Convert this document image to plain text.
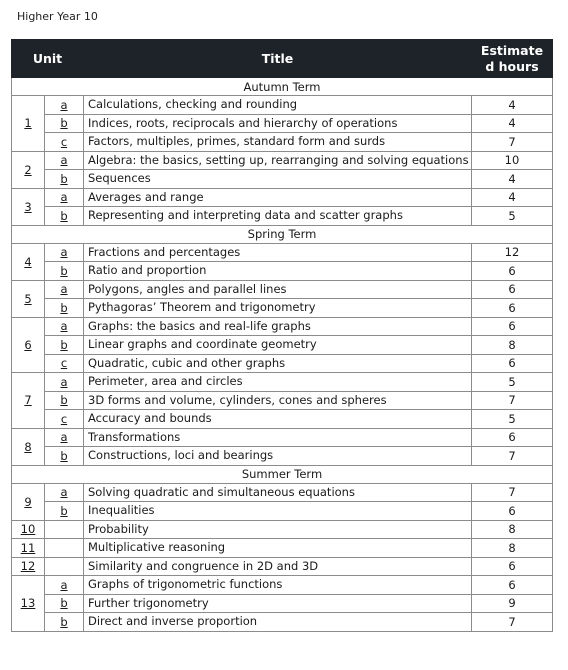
Higher Year 10
Unit		Title	Estimate
d hours
Autumn Term			
1	a	Calculations, checking and rounding	4
	b	Indices, roots, reciprocals and hierarchy of operations	4
	c	Factors, multiples, primes, standard form and surds	7
2	a	Algebra: the basics, setting up, rearranging and solving equations	10
	b	Sequences	4
3	a	Averages and range	4
	b	Representing and interpreting data and scatter graphs	5
Spring Term			
4	a	Fractions and percentages	12
	b	Ratio and proportion	6
5	a	Polygons, angles and parallel lines	6
	b	Pythagoras’ Theorem and trigonometry	6
6	a	Graphs: the basics and real-life graphs	6
	b	Linear graphs and coordinate geometry	8
	c	Quadratic, cubic and other graphs	6
7	a	Perimeter, area and circles	5
	b	3D forms and volume, cylinders, cones and spheres	7
	c	Accuracy and bounds	5
8	a	Transformations	6
	b	Constructions, loci and bearings	7
Summer Term			
9	a	Solving quadratic and simultaneous equations	7
	b	Inequalities	6
10		Probability	8
11		Multiplicative reasoning	8
12		Similarity and congruence in 2D and 3D	6
13	a	Graphs of trigonometric functions	6
	b	Further trigonometry	9
	b	Direct and inverse proportion	7
